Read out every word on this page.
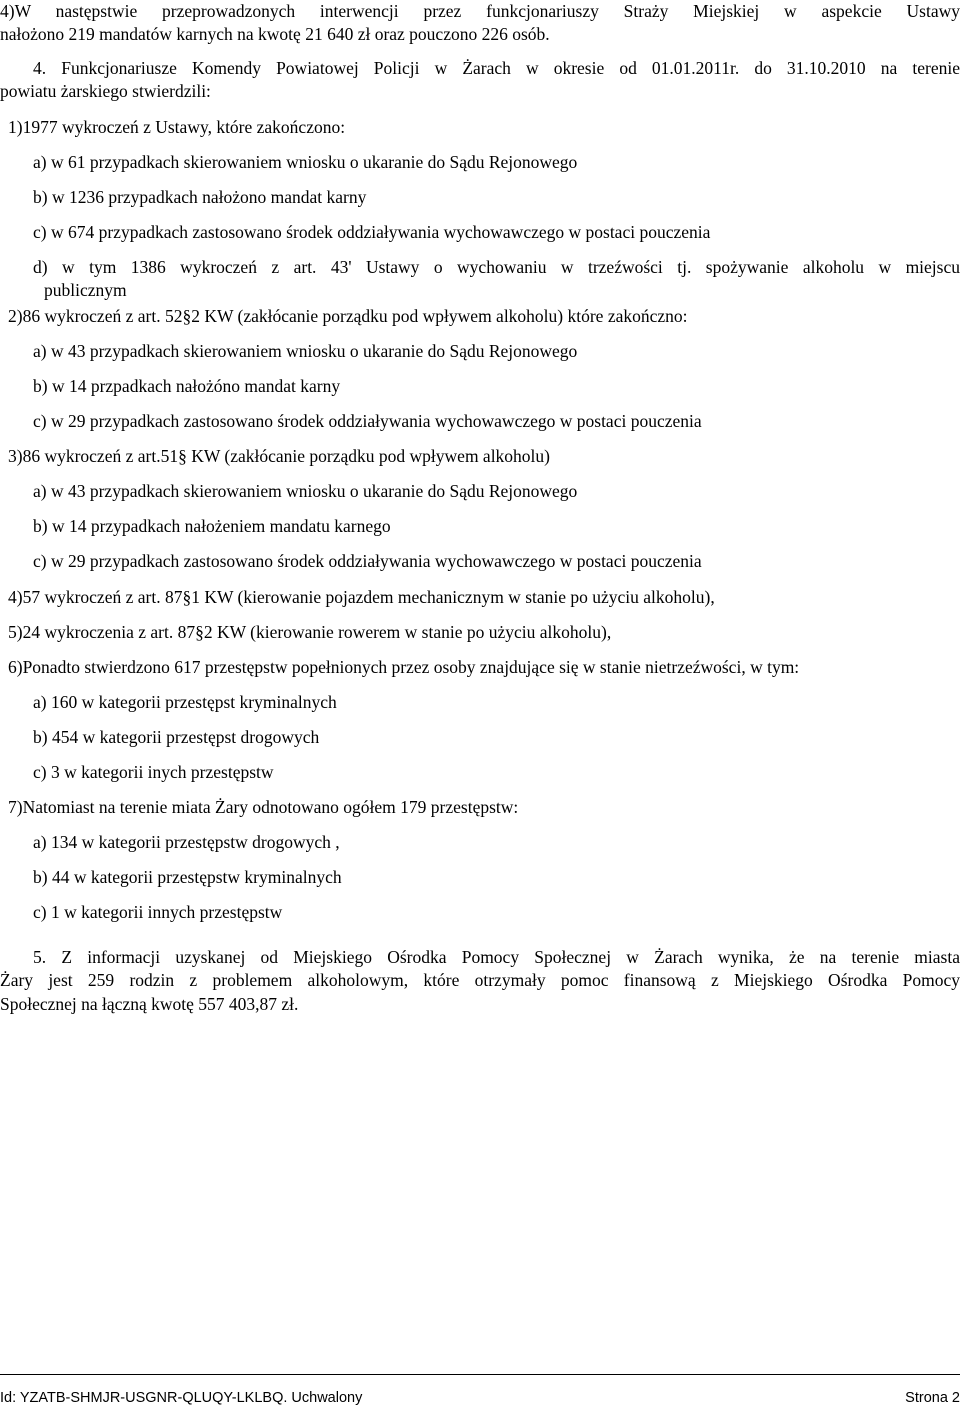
4)W następstwie przeprowadzonych interwencji przez funkcjonariuszy Straży Miejskiej w aspekcie Ustawy
nałożono 219 mandatów karnych na kwotę 21 640 zł oraz pouczono 226 osób.
4. Funkcjonariusze Komendy Powiatowej Policji w Żarach w okresie od 01.01.2011r. do 31.10.2010 na terenie
powiatu żarskiego stwierdzili:
1)1977 wykroczeń z Ustawy, które zakończono:
a) w 61 przypadkach skierowaniem wniosku o ukaranie do Sądu Rejonowego
b) w 1236 przypadkach nałożono mandat karny
c) w 674 przypadkach zastosowano środek oddziaływania wychowawczego w postaci pouczenia
d) w tym 1386 wykroczeń z art. 43' Ustawy o wychowaniu w trzeźwości tj. spożywanie alkoholu w miejscu
publicznym
2)86 wykroczeń z art. 52§2 KW (zakłócanie porządku pod wpływem alkoholu) które zakończno:
a) w 43 przypadkach skierowaniem wniosku o ukaranie do Sądu Rejonowego
b) w 14 przpadkach nałożóno mandat karny
c) w 29 przypadkach zastosowano środek oddziaływania wychowawczego w postaci pouczenia
3)86 wykroczeń z art.51§ KW (zakłócanie porządku pod wpływem alkoholu)
a) w 43 przypadkach skierowaniem wniosku o ukaranie do Sądu Rejonowego
b) w 14 przypadkach nałożeniem mandatu karnego
c) w 29 przypadkach zastosowano środek oddziaływania wychowawczego w postaci pouczenia
4)57 wykroczeń z art. 87§1 KW (kierowanie pojazdem mechanicznym w stanie po użyciu alkoholu),
5)24 wykroczenia z art. 87§2 KW (kierowanie rowerem w stanie po użyciu alkoholu),
6)Ponadto stwierdzono 617 przestępstw popełnionych przez osoby znajdujące się w stanie nietrzeźwości, w tym:
a) 160 w kategorii przestępst kryminalnych
b) 454 w kategorii przestępst drogowych
c) 3 w kategorii inych przestępstw
7)Natomiast na terenie miata Żary odnotowano ogółem 179 przestępstw:
a) 134 w kategorii przestępstw drogowych ,
b) 44 w kategorii przestępstw kryminalnych
c) 1 w kategorii innych przestępstw
5. Z informacji uzyskanej od Miejskiego Ośrodka Pomocy Społecznej w Żarach wynika, że na terenie miasta
Żary jest 259 rodzin z problemem alkoholowym, które otrzymały pomoc finansową z Miejskiego Ośrodka Pomocy
Społecznej na łączną kwotę 557 403,87 zł.
Id: YZATB-SHMJR-USGNR-QLUQY-LKLBQ. Uchwalony	Strona 2
